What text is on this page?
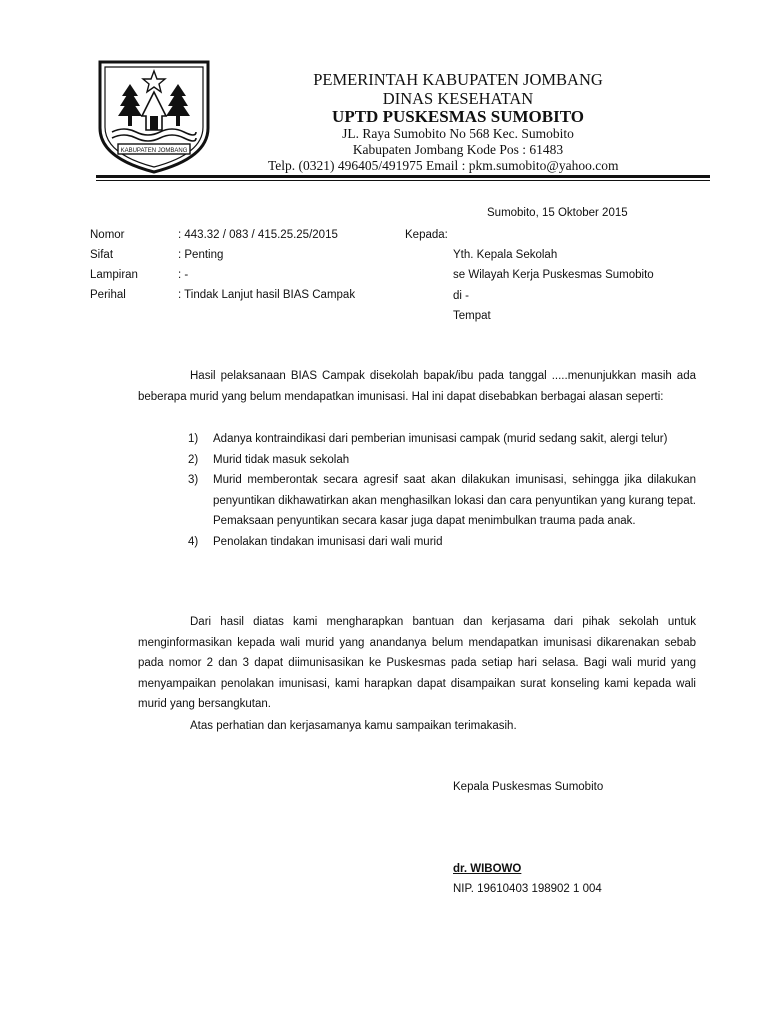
KABUPATEN JOMBANG
PEMERINTAH KABUPATEN JOMBANG
DINAS KESEHATAN
UPTD PUSKESMAS SUMOBITO
JL. Raya Sumobito No 568 Kec. Sumobito
Kabupaten Jombang Kode Pos : 61483
Telp. (0321) 496405/491975 Email : pkm.sumobito@yahoo.com
Sumobito, 15 Oktober 2015
Nomor	: 443.32 / 083 / 415.25.25/2015
Sifat	: Penting
Lampiran	: -
Perihal	: Tindak Lanjut hasil BIAS Campak
Kepada:
Yth. Kepala Sekolah
se Wilayah Kerja Puskesmas Sumobito
di -
Tempat
Hasil pelaksanaan BIAS Campak disekolah bapak/ibu pada tanggal .....menunjukkan masih ada beberapa murid yang belum mendapatkan imunisasi. Hal ini dapat disebabkan berbagai alasan seperti:
1) Adanya kontraindikasi dari pemberian imunisasi campak (murid sedang sakit, alergi telur)
2) Murid tidak masuk sekolah
3) Murid memberontak secara agresif saat akan dilakukan imunisasi, sehingga jika dilakukan penyuntikan dikhawatirkan akan menghasilkan lokasi dan cara penyuntikan yang kurang tepat. Pemaksaan penyuntikan secara kasar juga dapat menimbulkan trauma pada anak.
4) Penolakan tindakan imunisasi dari wali murid
Dari hasil diatas kami mengharapkan bantuan dan kerjasama dari pihak sekolah untuk menginformasikan kepada wali murid yang anandanya belum mendapatkan imunisasi dikarenakan sebab pada nomor 2 dan 3 dapat diimunisasikan ke Puskesmas pada setiap hari selasa. Bagi wali murid yang menyampaikan penolakan imunisasi, kami harapkan dapat disampaikan surat konseling kami kepada wali murid yang bersangkutan.
Atas perhatian dan kerjasamanya kamu sampaikan terimakasih.
Kepala Puskesmas Sumobito
dr. WIBOWO
NIP. 19610403 198902 1 004
